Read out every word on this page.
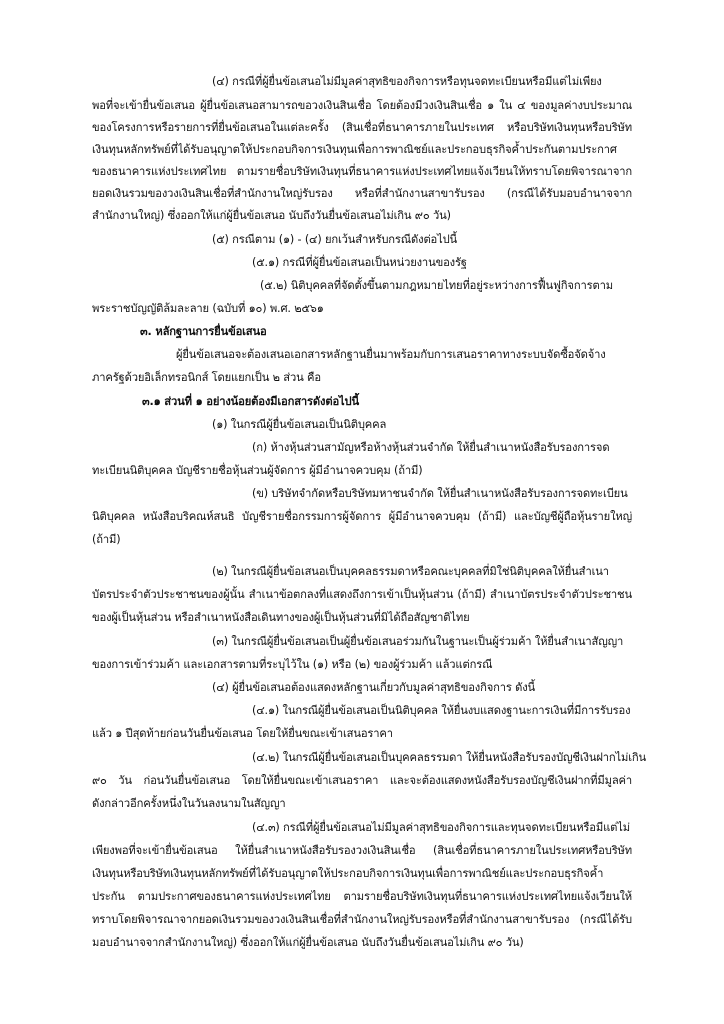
(๔) กรณีที่ผู้ยื่นข้อเสนอไม่มีมูลค่าสุทธิของกิจการหรือทุนจดทะเบียนหรือมีแต่ไม่เพียง
พอที่จะเข้ายื่นข้อเสนอ ผู้ยื่นข้อเสนอสามารถขอวงเงินสินเชื่อ โดยต้องมีวงเงินสินเชื่อ ๑ ใน ๔ ของมูลค่างบประมาณ
ของโครงการหรือรายการที่ยื่นข้อเสนอในแต่ละครั้ง (สินเชื่อที่ธนาคารภายในประเทศ หรือบริษัทเงินทุนหรือบริษัท
เงินทุนหลักทรัพย์ที่ได้รับอนุญาตให้ประกอบกิจการเงินทุนเพื่อการพาณิชย์และประกอบธุรกิจค้ำประกันตามประกาศ
ของธนาคารแห่งประเทศไทย ตามรายชื่อบริษัทเงินทุนที่ธนาคารแห่งประเทศไทยแจ้งเวียนให้ทราบโดยพิจารณาจาก
ยอดเงินรวมของวงเงินสินเชื่อที่สำนักงานใหญ่รับรอง หรือที่สำนักงานสาขารับรอง (กรณีได้รับมอบอำนาจจาก
สำนักงานใหญ่) ซึ่งออกให้แก่ผู้ยื่นข้อเสนอ นับถึงวันยื่นข้อเสนอไม่เกิน ๙๐ วัน)
(๕) กรณีตาม (๑) - (๔) ยกเว้นสำหรับกรณีดังต่อไปนี้
(๕.๑) กรณีที่ผู้ยื่นข้อเสนอเป็นหน่วยงานของรัฐ
(๕.๒) นิติบุคคลที่จัดตั้งขึ้นตามกฎหมายไทยที่อยู่ระหว่างการฟื้นฟูกิจการตาม
พระราชบัญญัติล้มละลาย (ฉบับที่ ๑๐) พ.ศ. ๒๕๖๑
๓. หลักฐานการยื่นข้อเสนอ
ผู้ยื่นข้อเสนอจะต้องเสนอเอกสารหลักฐานยื่นมาพร้อมกับการเสนอราคาทางระบบจัดซื้อจัดจ้าง
ภาครัฐด้วยอิเล็กทรอนิกส์ โดยแยกเป็น ๒ ส่วน คือ
๓.๑ ส่วนที่ ๑ อย่างน้อยต้องมีเอกสารดังต่อไปนี้
(๑) ในกรณีผู้ยื่นข้อเสนอเป็นนิติบุคคล
(ก) ห้างหุ้นส่วนสามัญหรือห้างหุ้นส่วนจำกัด ให้ยื่นสำเนาหนังสือรับรองการจด
ทะเบียนนิติบุคคล บัญชีรายชื่อหุ้นส่วนผู้จัดการ ผู้มีอำนาจควบคุม (ถ้ามี)
(ข) บริษัทจำกัดหรือบริษัทมหาชนจำกัด ให้ยื่นสำเนาหนังสือรับรองการจดทะเบียน
นิติบุคคล หนังสือบริคณห์สนธิ บัญชีรายชื่อกรรมการผู้จัดการ ผู้มีอำนาจควบคุม (ถ้ามี) และบัญชีผู้ถือหุ้นรายใหญ่
(ถ้ามี)
(๒) ในกรณีผู้ยื่นข้อเสนอเป็นบุคคลธรรมดาหรือคณะบุคคลที่มิใช่นิติบุคคลให้ยื่นสำเนา
บัตรประจำตัวประชาชนของผู้นั้น สำเนาข้อตกลงที่แสดงถึงการเข้าเป็นหุ้นส่วน (ถ้ามี) สำเนาบัตรประจำตัวประชาชน
ของผู้เป็นหุ้นส่วน หรือสำเนาหนังสือเดินทางของผู้เป็นหุ้นส่วนที่มิได้ถือสัญชาติไทย
(๓) ในกรณีผู้ยื่นข้อเสนอเป็นผู้ยื่นข้อเสนอร่วมกันในฐานะเป็นผู้ร่วมค้า ให้ยื่นสำเนาสัญญา
ของการเข้าร่วมค้า และเอกสารตามที่ระบุไว้ใน (๑) หรือ (๒) ของผู้ร่วมค้า แล้วแต่กรณี
(๔) ผู้ยื่นข้อเสนอต้องแสดงหลักฐานเกี่ยวกับมูลค่าสุทธิของกิจการ ดังนี้
(๔.๑) ในกรณีผู้ยื่นข้อเสนอเป็นนิติบุคคล ให้ยื่นงบแสดงฐานะการเงินที่มีการรับรอง
แล้ว ๑ ปีสุดท้ายก่อนวันยื่นข้อเสนอ โดยให้ยื่นขณะเข้าเสนอราคา
(๔.๒) ในกรณีผู้ยื่นข้อเสนอเป็นบุคคลธรรมดา ให้ยื่นหนังสือรับรองบัญชีเงินฝากไม่เกิน
๙๐ วัน ก่อนวันยื่นข้อเสนอ โดยให้ยื่นขณะเข้าเสนอราคา และจะต้องแสดงหนังสือรับรองบัญชีเงินฝากที่มีมูลค่า
ดังกล่าวอีกครั้งหนึ่งในวันลงนามในสัญญา
(๔.๓) กรณีที่ผู้ยื่นข้อเสนอไม่มีมูลค่าสุทธิของกิจการและทุนจดทะเบียนหรือมีแต่ไม่
เพียงพอที่จะเข้ายื่นข้อเสนอ ให้ยื่นสำเนาหนังสือรับรองวงเงินสินเชื่อ (สินเชื่อที่ธนาคารภายในประเทศหรือบริษัท
เงินทุนหรือบริษัทเงินทุนหลักทรัพย์ที่ได้รับอนุญาตให้ประกอบกิจการเงินทุนเพื่อการพาณิชย์และประกอบธุรกิจค้ำ
ประกัน ตามประกาศของธนาคารแห่งประเทศไทย ตามรายชื่อบริษัทเงินทุนที่ธนาคารแห่งประเทศไทยแจ้งเวียนให้
ทราบโดยพิจารณาจากยอดเงินรวมของวงเงินสินเชื่อที่สำนักงานใหญ่รับรองหรือที่สำนักงานสาขารับรอง (กรณีได้รับ
มอบอำนาจจากสำนักงานใหญ่) ซึ่งออกให้แก่ผู้ยื่นข้อเสนอ นับถึงวันยื่นข้อเสนอไม่เกิน ๙๐ วัน)
